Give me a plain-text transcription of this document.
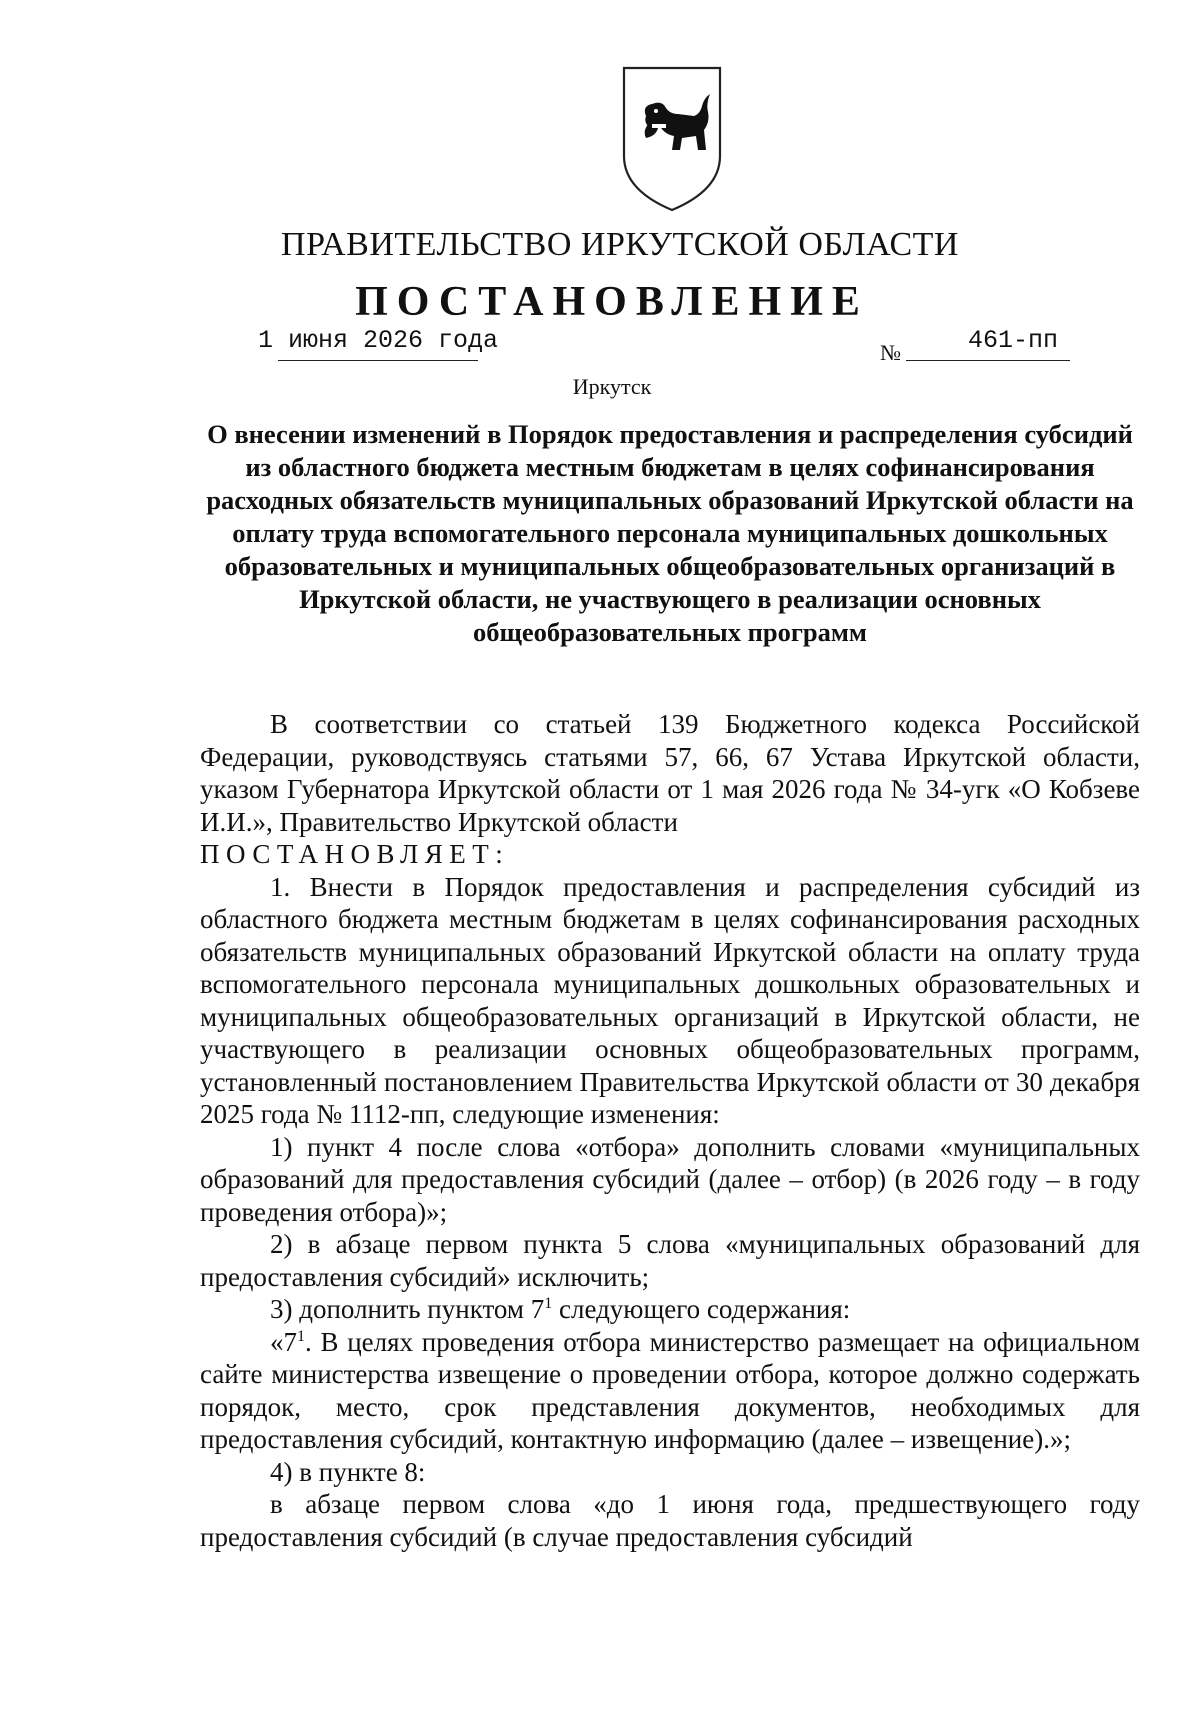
ПРАВИТЕЛЬСТВО ИРКУТСКОЙ ОБЛАСТИ
ПОСТАНОВЛЕНИЕ
1 июня 2026 года	№	461-пп
Иркутск
О внесении изменений в Порядок предоставления и распределения субсидий из областного бюджета местным бюджетам в целях софинансирования расходных обязательств муниципальных образований Иркутской области на оплату труда вспомогательного персонала муниципальных дошкольных образовательных и муниципальных общеобразовательных организаций в Иркутской области, не участвующего в реализации основных общеобразовательных программ

В соответствии со статьей 139 Бюджетного кодекса Российской Федерации, руководствуясь статьями 57, 66, 67 Устава Иркутской области, указом Губернатора Иркутской области от 1 мая 2026 года № 34-угк «О Кобзеве И.И.», Правительство Иркутской области

ПОСТАНОВЛЯЕТ:

1. Внести в Порядок предоставления и распределения субсидий из областного бюджета местным бюджетам в целях софинансирования расходных обязательств муниципальных образований Иркутской области на оплату труда вспомогательного персонала муниципальных дошкольных образовательных и муниципальных общеобразовательных организаций в Иркутской области, не участвующего в реализации основных общеобразовательных программ, установленный постановлением Правительства Иркутской области от 30 декабря 2025 года № 1112-пп, следующие изменения:

1) пункт 4 после слова «отбора» дополнить словами «муниципальных образований для предоставления субсидий (далее – отбор) (в 2026 году – в году проведения отбора)»;

2) в абзаце первом пункта 5 слова «муниципальных образований для предоставления субсидий» исключить;

3) дополнить пунктом $7^1$ следующего содержания:

«$7^1$. В целях проведения отбора министерство размещает на официальном сайте министерства извещение о проведении отбора, которое должно содержать порядок, место, срок представления документов, необходимых для предоставления субсидий, контактную информацию (далее – извещение).»;

4) в пункте 8:

в абзаце первом слова «до 1 июня года, предшествующего году предоставления субсидий (в случае предоставления субсидий
